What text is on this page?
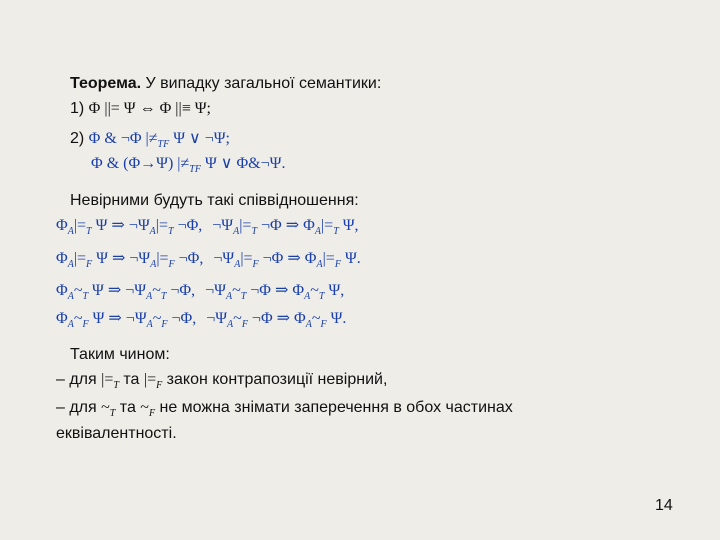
Теорема. У випадку загальної семантики:
1) Φ ||= Ψ ⇔ Φ ||≡ Ψ;
2) Φ & ¬Φ $|\ne_{TF}$ Ψ ∨ ¬Ψ;
Φ & (Φ→Ψ) $|\ne_{TF}$ Ψ ∨ Φ&¬Ψ.
Невірними будуть такі співвідношення:
$\Phi_A|=_T$ Ψ ⇒ $\neg\Psi_A|=_T$ ¬Φ, $\neg\Psi_A|=_T$ ¬Φ ⇒ $\Phi_A|=_T$ Ψ,
$\Phi_A|=_F$ Ψ ⇒ $\neg\Psi_A|=_F$ ¬Φ, $\neg\Psi_A|=_F$ ¬Φ ⇒ $\Phi_A|=_F$ Ψ.
$\Phi_A\sim_T$ Ψ ⇒ $\neg\Psi_A\sim_T$ ¬Φ, $\neg\Psi_A\sim_T$ ¬Φ ⇒ $\Phi_A\sim_T$ Ψ,
$\Phi_A\sim_F$ Ψ ⇒ $\neg\Psi_A\sim_F$ ¬Φ, $\neg\Psi_A\sim_F$ ¬Φ ⇒ $\Phi_A\sim_F$ Ψ.
Таким чином:
– для $|=_T$ та $|=_F$ закон контрапозиції невірний,
– для $\sim_T$ та $\sim_F$ не можна знімати заперечення в обох частинах
еквівалентності.
14
